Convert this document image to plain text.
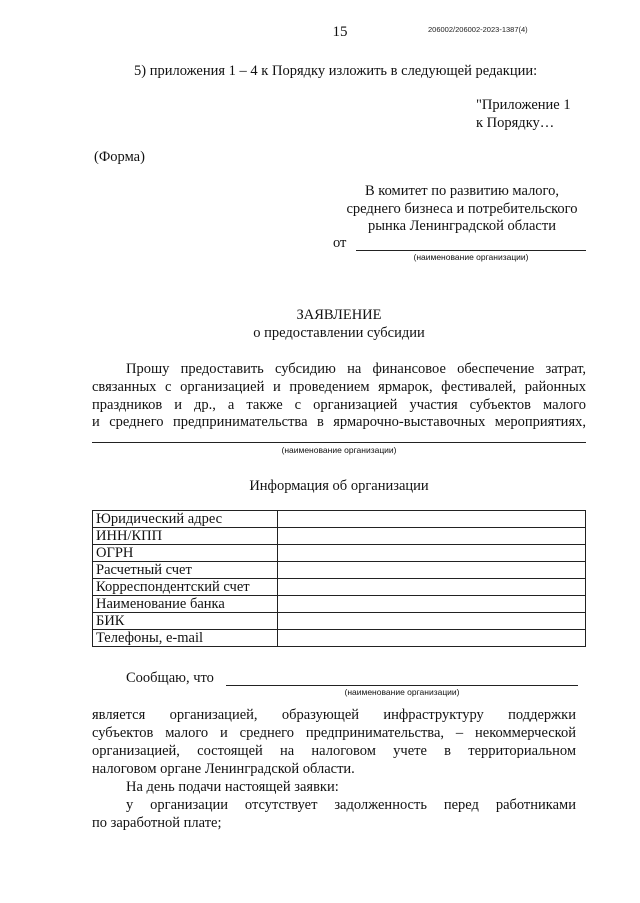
15	206002/206002-2023-1387(4)
5) приложения 1 – 4 к Порядку изложить в следующей редакции:
"Приложение 1
к Порядку…
(Форма)
В комитет по развитию малого,
среднего бизнеса и потребительского
рынка Ленинградской области
от
(наименование организации)
ЗАЯВЛЕНИЕ
о предоставлении субсидии
Прошу предоставить субсидию на финансовое обеспечение затрат,
связанных с организацией и проведением ярмарок, фестивалей, районных
праздников и др., а также с организацией участия субъектов малого
и среднего предпринимательства в ярмарочно-выставочных мероприятиях,
(наименование организации)
Информация об организации
Юридический адрес	
ИНН/КПП	
ОГРН	
Расчетный счет	
Корреспондентский счет	
Наименование банка	
БИК	
Телефоны, e-mail	
Сообщаю, что
(наименование организации)
является организацией, образующей инфраструктуру поддержки
субъектов малого и среднего предпринимательства, – некоммерческой
организацией, состоящей на налоговом учете в территориальном
налоговом органе Ленинградской области.
На день подачи настоящей заявки:
у организации отсутствует задолженность перед работниками
по заработной плате;
